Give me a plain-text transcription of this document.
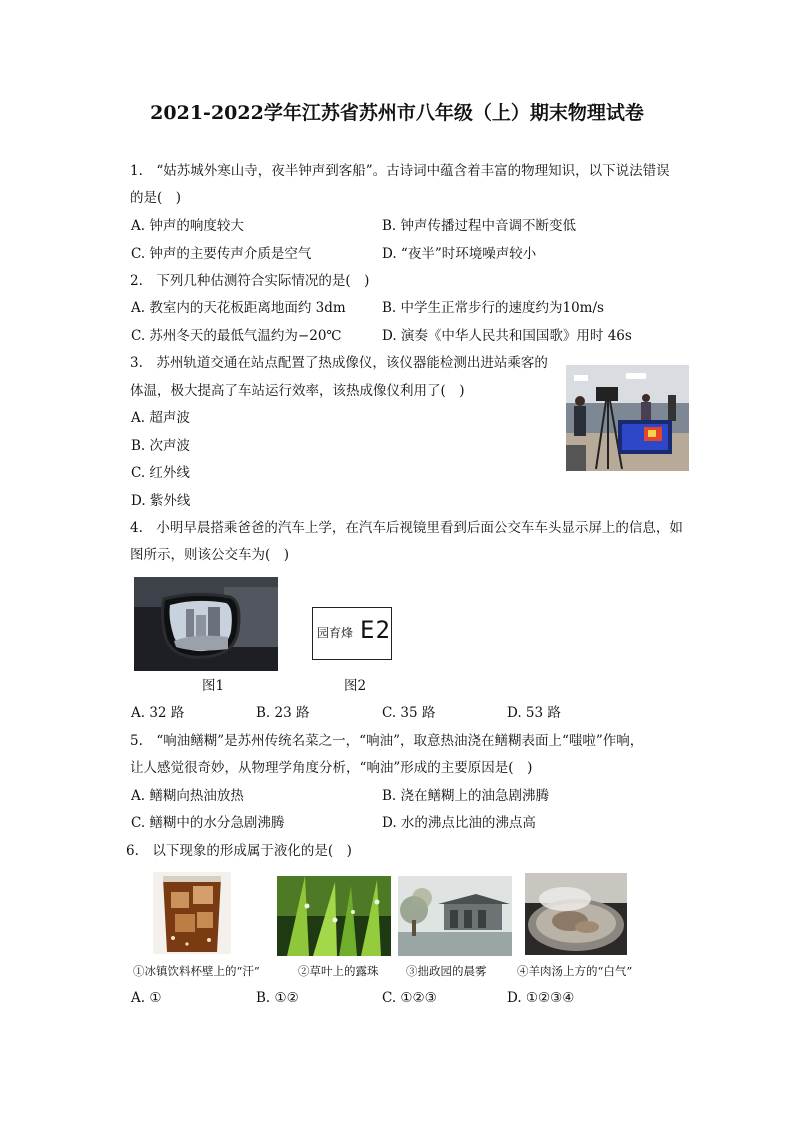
2021-2022学年江苏省苏州市八年级（上）期末物理试卷
1.　“姑苏城外寒山寺，夜半钟声到客船”。古诗词中蕴含着丰富的物理知识，以下说法错误
的是(　)
A. 钟声的响度较大	B. 钟声传播过程中音调不断变低
C. 钟声的主要传声介质是空气	D. “夜半”时环境噪声较小
2.　下列几种估测符合实际情况的是(　)
A. 教室内的天花板距离地面约 3dm	B. 中学生正常步行的速度约为10m/s
C. 苏州冬天的最低气温约为−20℃	D. 演奏《中华人民共和国国歌》用时 46s
3.　苏州轨道交通在站点配置了热成像仪，该仪器能检测出进站乘客的
体温，极大提高了车站运行效率，该热成像仪利用了(　)
A. 超声波
B. 次声波
C. 红外线
D. 紫外线
4.　小明早晨搭乘爸爸的汽车上学，在汽车后视镜里看到后面公交车车头显示屏上的信息，如
图所示，则该公交车为(　)
园育烽 E2
图1	图2
A. 32 路	B. 23 路	C. 35 路	D. 53 路
5.　“响油鳝糊”是苏州传统名菜之一，“响油”，取意热油浇在鳝糊表面上“嗤啦”作响，
让人感觉很奇妙，从物理学角度分析，“响油”形成的主要原因是(　)
A. 鳝糊向热油放热	B. 浇在鳝糊上的油急剧沸腾
C. 鳝糊中的水分急剧沸腾	D. 水的沸点比油的沸点高
6.　以下现象的形成属于液化的是(　)
①冰镇饮料杯壁上的“汗”	②草叶上的露珠 ③拙政园的晨雾	④羊肉汤上方的“白气”
A. ①	B. ①②	C. ①②③	D. ①②③④
